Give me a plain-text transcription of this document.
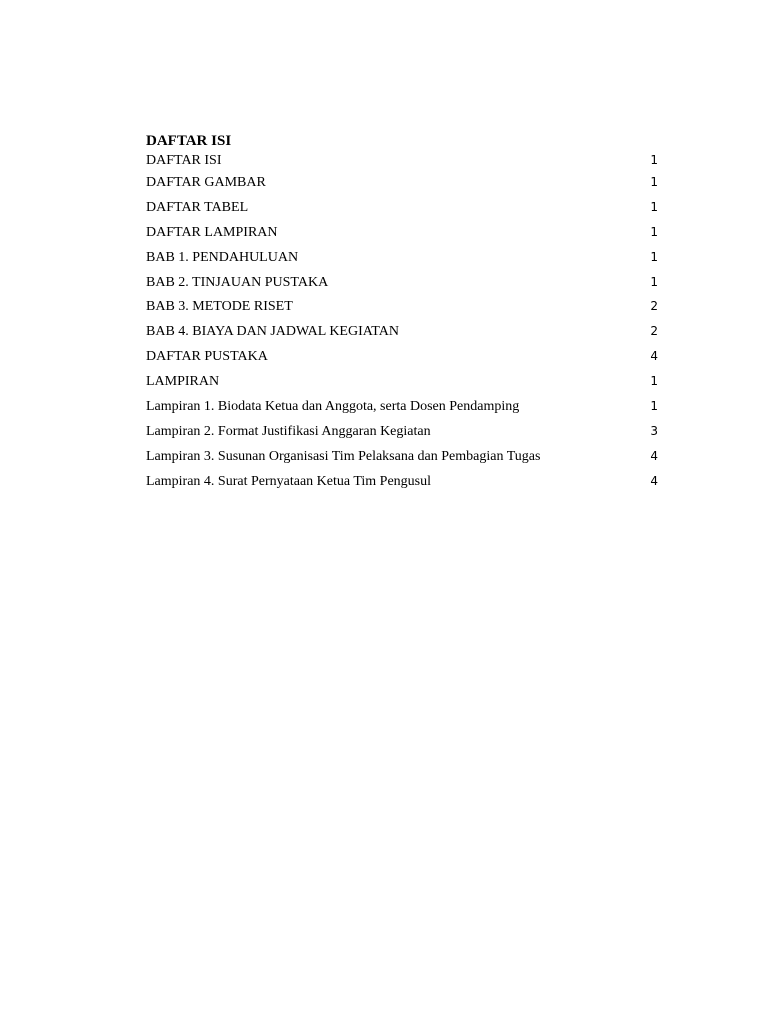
DAFTAR ISI
DAFTAR ISI	1
DAFTAR GAMBAR	1
DAFTAR TABEL	1
DAFTAR LAMPIRAN	1
BAB 1. PENDAHULUAN	1
BAB 2. TINJAUAN PUSTAKA	1
BAB 3. METODE RISET	2
BAB 4. BIAYA DAN JADWAL KEGIATAN	2
DAFTAR PUSTAKA	4
LAMPIRAN	1
Lampiran 1. Biodata Ketua dan Anggota, serta Dosen Pendamping	1
Lampiran 2. Format Justifikasi Anggaran Kegiatan	3
Lampiran 3. Susunan Organisasi Tim Pelaksana dan Pembagian Tugas	4
Lampiran 4. Surat Pernyataan Ketua Tim Pengusul	4
